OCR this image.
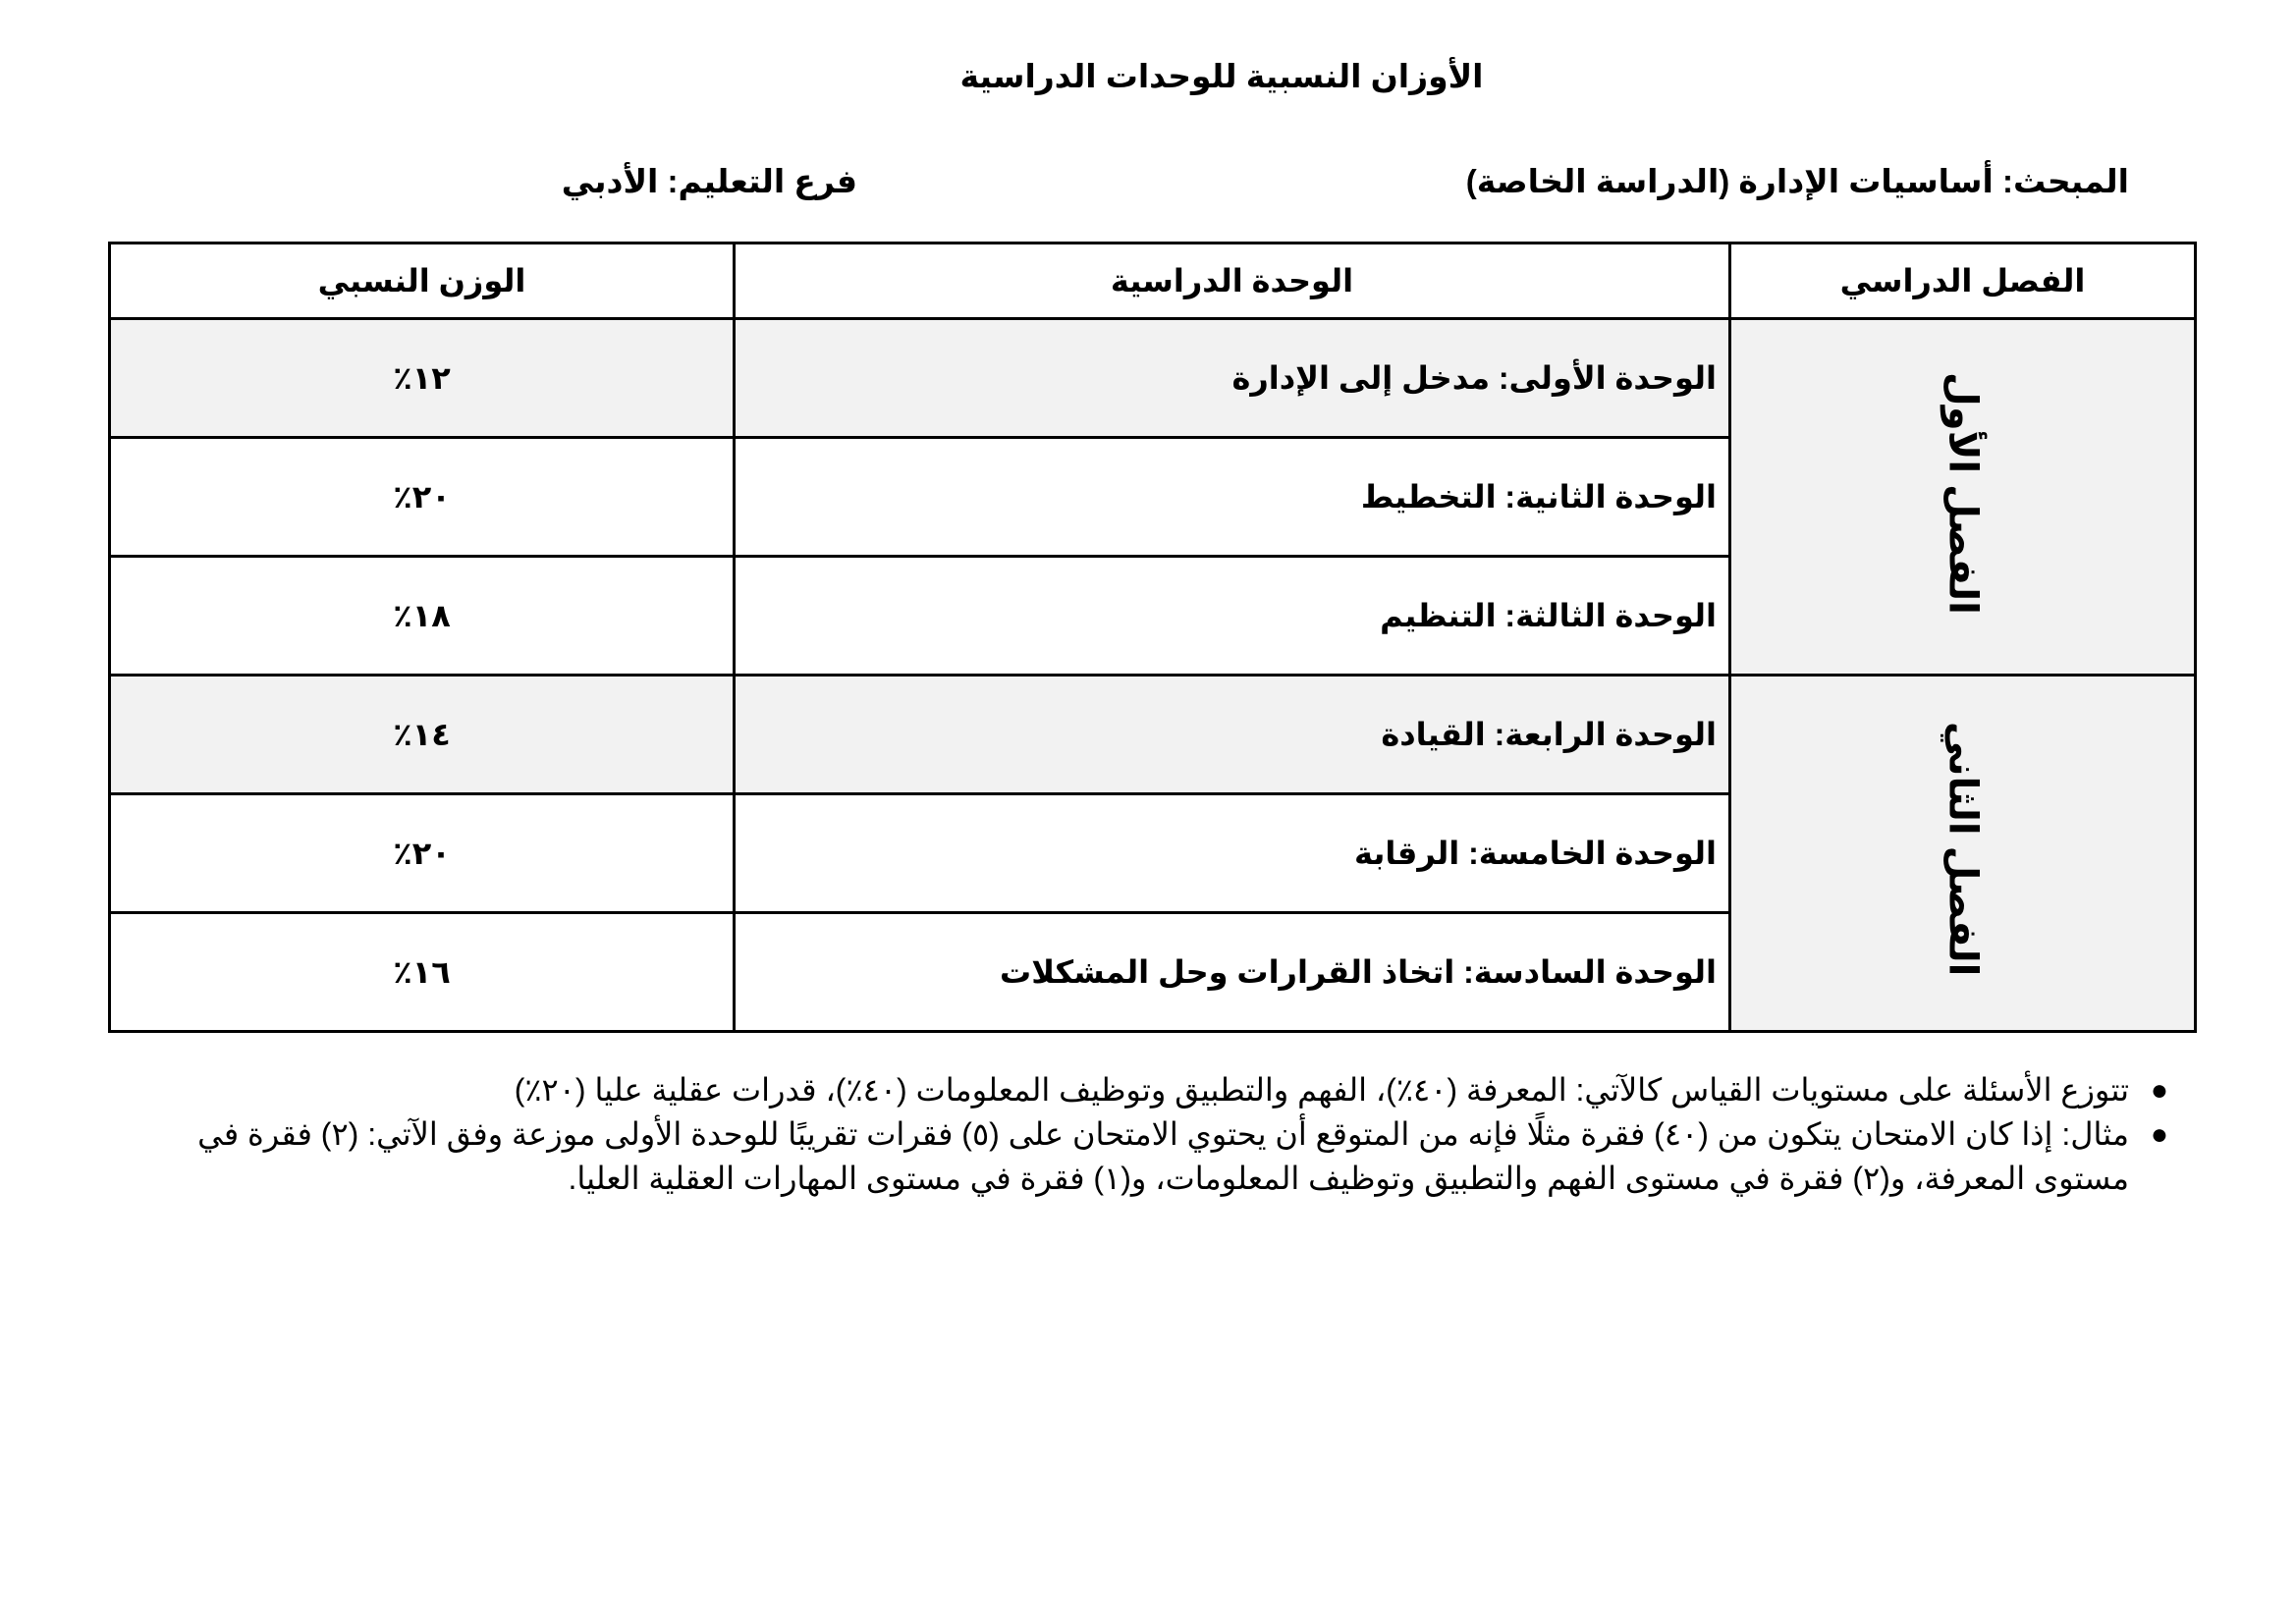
الأوزان النسبية للوحدات الدراسية
المبحث: أساسيات الإدارة (الدراسة الخاصة)
فرع التعليم: الأدبي
الفصل الدراسي	الوحدة الدراسية	الوزن النسبي
الفصل الأول	الوحدة الأولى: مدخل إلى الإدارة	١٢٪
	الوحدة الثانية: التخطيط	٢٠٪
	الوحدة الثالثة: التنظيم	١٨٪
الفصل الثاني	الوحدة الرابعة: القيادة	١٤٪
	الوحدة الخامسة: الرقابة	٢٠٪
	الوحدة السادسة: اتخاذ القرارات وحل المشكلات	١٦٪
●
تتوزع الأسئلة على مستويات القياس كالآتي: المعرفة (٤٠٪)، الفهم والتطبيق وتوظيف المعلومات (٤٠٪)، قدرات عقلية عليا (٢٠٪)
●
مثال: إذا كان الامتحان يتكون من (٤٠) فقرة مثلًا فإنه من المتوقع أن يحتوي الامتحان على (٥) فقرات تقريبًا للوحدة الأولى موزعة وفق الآتي: (٢) فقرة في مستوى المعرفة، و(٢) فقرة في مستوى الفهم والتطبيق وتوظيف المعلومات، و(١) فقرة في مستوى المهارات العقلية العليا.
